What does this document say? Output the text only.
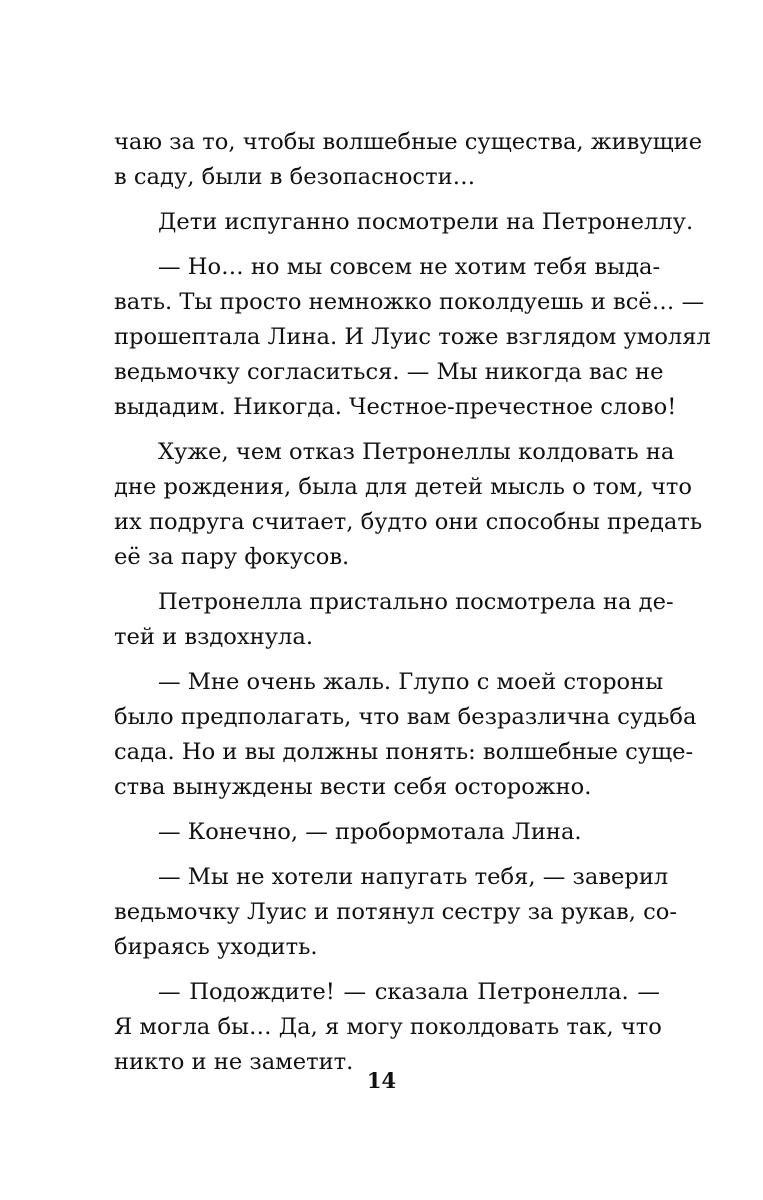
чаю за то, чтобы волшебные существа, живущие
в саду, были в безопасности…

Дети испуганно посмотрели на Петронеллу.

— Но… но мы совсем не хотим тебя выда-
вать. Ты просто немножко поколдуешь и всё… —
прошептала Лина. И Луис тоже взглядом умолял
ведьмочку согласиться. — Мы никогда вас не
выдадим. Никогда. Честное-пречестное слово!

Хуже, чем отказ Петронеллы колдовать на
дне рождения, была для детей мысль о том, что
их подруга считает, будто они способны предать
её за пару фокусов.

Петронелла пристально посмотрела на де-
тей и вздохнула.

— Мне очень жаль. Глупо с моей стороны
было предполагать, что вам безразлична судьба
сада. Но и вы должны понять: волшебные суще-
ства вынуждены вести себя осторожно.

— Конечно, — пробормотала Лина.

— Мы не хотели напугать тебя, — заверил
ведьмочку Луис и потянул сестру за рукав, со-
бираясь уходить.

— Подождите! — сказала Петронелла. —
Я могла бы… Да, я могу поколдовать так, что
никто и не заметит.

14
